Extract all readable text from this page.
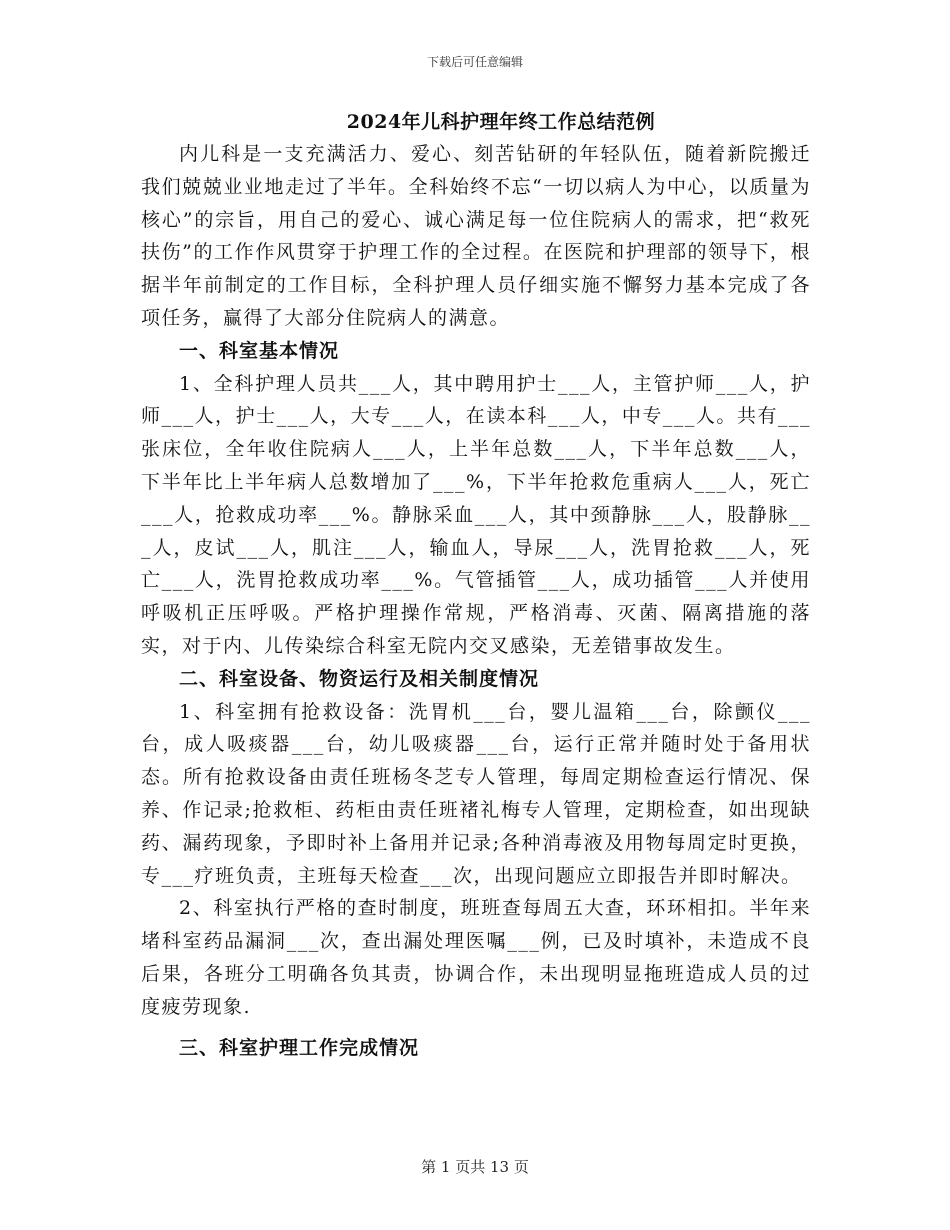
下载后可任意编辑
2024年儿科护理年终工作总结范例

内儿科是一支充满活力、爱心、刻苦钻研的年轻队伍，随着新院搬迁我们兢兢业业地走过了半年。全科始终不忘“一切以病人为中心，以质量为核心”的宗旨，用自己的爱心、诚心满足每一位住院病人的需求，把“救死扶伤”的工作作风贯穿于护理工作的全过程。在医院和护理部的领导下，根据半年前制定的工作目标，全科护理人员仔细实施不懈努力基本完成了各项任务，赢得了大部分住院病人的满意。

一、科室基本情况

1、全科护理人员共___人，其中聘用护士___人，主管护师___人，护师___人，护士___人，大专___人，在读本科___人，中专___人。共有___张床位，全年收住院病人___人，上半年总数___人，下半年总数___人，下半年比上半年病人总数增加了___%，下半年抢救危重病人___人，死亡___人，抢救成功率___%。静脉采血___人，其中颈静脉___人，股静脉___人，皮试___人，肌注___人，输血人，导尿___人，洗胃抢救___人，死亡___人，洗胃抢救成功率___%。气管插管___人，成功插管___人并使用呼吸机正压呼吸。严格护理操作常规，严格消毒、灭菌、隔离措施的落实，对于内、儿传染综合科室无院内交叉感染，无差错事故发生。

二、科室设备、物资运行及相关制度情况

1、科室拥有抢救设备：洗胃机___台，婴儿温箱___台，除颤仪___台，成人吸痰器___台，幼儿吸痰器___台，运行正常并随时处于备用状态。所有抢救设备由责任班杨冬芝专人管理，每周定期检查运行情况、保养、作记录;抢救柜、药柜由责任班褚礼梅专人管理，定期检查，如出现缺药、漏药现象，予即时补上备用并记录;各种消毒液及用物每周定时更换，专___疗班负责，主班每天检查___次，出现问题应立即报告并即时解决。

2、科室执行严格的查时制度，班班查每周五大查，环环相扣。半年来堵科室药品漏洞___次，查出漏处理医嘱___例，已及时填补，未造成不良后果，各班分工明确各负其责，协调合作，未出现明显拖班造成人员的过度疲劳现象.

三、科室护理工作完成情况
第 1 页共 13 页
